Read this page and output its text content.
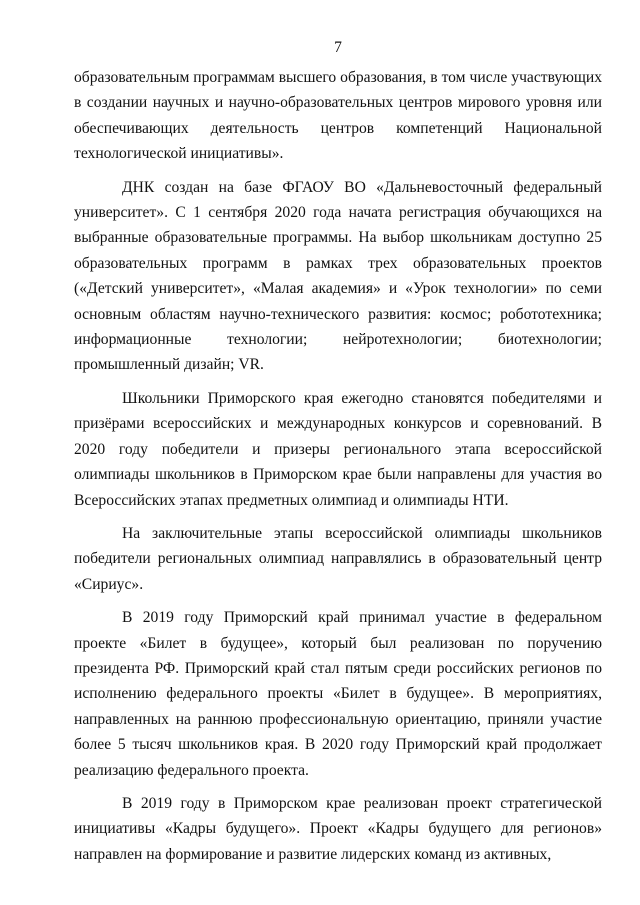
7

образовательным программам высшего образования, в том числе участвующих в создании научных и научно-образовательных центров мирового уровня или обеспечивающих деятельность центров компетенций Национальной технологической инициативы».

ДНК создан на базе ФГАОУ ВО «Дальневосточный федеральный университет». С 1 сентября 2020 года начата регистрация обучающихся на выбранные образовательные программы. На выбор школьникам доступно 25 образовательных программ в рамках трех образовательных проектов («Детский университет», «Малая академия» и «Урок технологии» по семи основным областям научно-технического развития: космос; робототехника; информационные технологии; нейротехнологии; биотехнологии; промышленный дизайн; VR.

Школьники Приморского края ежегодно становятся победителями и призёрами всероссийских и международных конкурсов и соревнований. В 2020 году победители и призеры регионального этапа всероссийской олимпиады школьников в Приморском крае были направлены для участия во Всероссийских этапах предметных олимпиад и олимпиады НТИ.

На заключительные этапы всероссийской олимпиады школьников победители региональных олимпиад направлялись в образовательный центр «Сириус».

В 2019 году Приморский край принимал участие в федеральном проекте «Билет в будущее», который был реализован по поручению президента РФ. Приморский край стал пятым среди российских регионов по исполнению федерального проекты «Билет в будущее». В мероприятиях, направленных на раннюю профессиональную ориентацию, приняли участие более 5 тысяч школьников края. В 2020 году Приморский край продолжает реализацию федерального проекта.

В 2019 году в Приморском крае реализован проект стратегической инициативы «Кадры будущего». Проект «Кадры будущего для регионов» направлен на формирование и развитие лидерских команд из активных,
